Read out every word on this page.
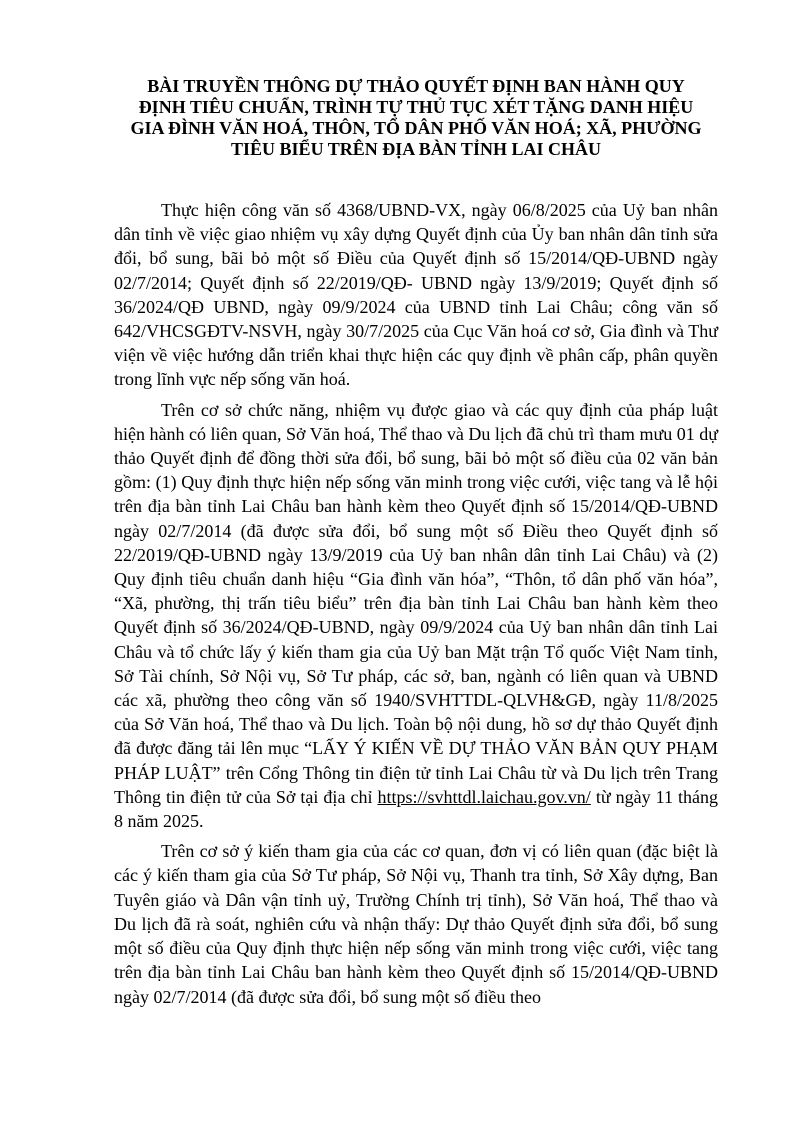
BÀI TRUYỀN THÔNG DỰ THẢO QUYẾT ĐỊNH BAN HÀNH QUY ĐỊNH TIÊU CHUẨN, TRÌNH TỰ THỦ TỤC XÉT TẶNG DANH HIỆU GIA ĐÌNH VĂN HOÁ, THÔN, TỔ DÂN PHỐ VĂN HOÁ; XÃ, PHƯỜNG TIÊU BIỂU TRÊN ĐỊA BÀN TỈNH LAI CHÂU

Thực hiện công văn số 4368/UBND-VX, ngày 06/8/2025 của Uỷ ban nhân dân tỉnh về việc giao nhiệm vụ xây dựng Quyết định của Ủy ban nhân dân tỉnh sửa đổi, bổ sung, bãi bỏ một số Điều của Quyết định số 15/2014/QĐ-UBND ngày 02/7/2014; Quyết định số 22/2019/QĐ- UBND ngày 13/9/2019; Quyết định số 36/2024/QĐ UBND, ngày 09/9/2024 của UBND tỉnh Lai Châu; công văn số 642/VHCSGĐTV-NSVH, ngày 30/7/2025 của Cục Văn hoá cơ sở, Gia đình và Thư viện về việc hướng dẫn triển khai thực hiện các quy định về phân cấp, phân quyền trong lĩnh vực nếp sống văn hoá.

Trên cơ sở chức năng, nhiệm vụ được giao và các quy định của pháp luật hiện hành có liên quan, Sở Văn hoá, Thể thao và Du lịch đã chủ trì tham mưu 01 dự thảo Quyết định để đồng thời sửa đổi, bổ sung, bãi bỏ một số điều của 02 văn bản gồm: (1) Quy định thực hiện nếp sống văn minh trong việc cưới, việc tang và lễ hội trên địa bàn tỉnh Lai Châu ban hành kèm theo Quyết định số 15/2014/QĐ-UBND ngày 02/7/2014 (đã được sửa đổi, bổ sung một số Điều theo Quyết định số 22/2019/QĐ-UBND ngày 13/9/2019 của Uỷ ban nhân dân tỉnh Lai Châu) và (2) Quy định tiêu chuẩn danh hiệu “Gia đình văn hóa”, “Thôn, tổ dân phố văn hóa”, “Xã, phường, thị trấn tiêu biểu” trên địa bàn tỉnh Lai Châu ban hành kèm theo Quyết định số 36/2024/QĐ-UBND, ngày 09/9/2024 của Uỷ ban nhân dân tỉnh Lai Châu và tổ chức lấy ý kiến tham gia của Uỷ ban Mặt trận Tổ quốc Việt Nam tỉnh, Sở Tài chính, Sở Nội vụ, Sở Tư pháp, các sở, ban, ngành có liên quan và UBND các xã, phường theo công văn số 1940/SVHTTDL-QLVH&GĐ, ngày 11/8/2025 của Sở Văn hoá, Thể thao và Du lịch. Toàn bộ nội dung, hồ sơ dự thảo Quyết định đã được đăng tải lên mục “LẤY Ý KIẾN VỀ DỰ THẢO VĂN BẢN QUY PHẠM PHÁP LUẬT” trên Cổng Thông tin điện tử tỉnh Lai Châu từ và Du lịch trên Trang Thông tin điện tử của Sở tại địa chỉ https://svhttdl.laichau.gov.vn/ từ ngày 11 tháng 8 năm 2025.

Trên cơ sở ý kiến tham gia của các cơ quan, đơn vị có liên quan (đặc biệt là các ý kiến tham gia của Sở Tư pháp, Sở Nội vụ, Thanh tra tỉnh, Sở Xây dựng, Ban Tuyên giáo và Dân vận tỉnh uỷ, Trường Chính trị tỉnh), Sở Văn hoá, Thể thao và Du lịch đã rà soát, nghiên cứu và nhận thấy: Dự thảo Quyết định sửa đổi, bổ sung một số điều của Quy định thực hiện nếp sống văn minh trong việc cưới, việc tang trên địa bàn tỉnh Lai Châu ban hành kèm theo Quyết định số 15/2014/QĐ-UBND ngày 02/7/2014 (đã được sửa đổi, bổ sung một số điều theo
